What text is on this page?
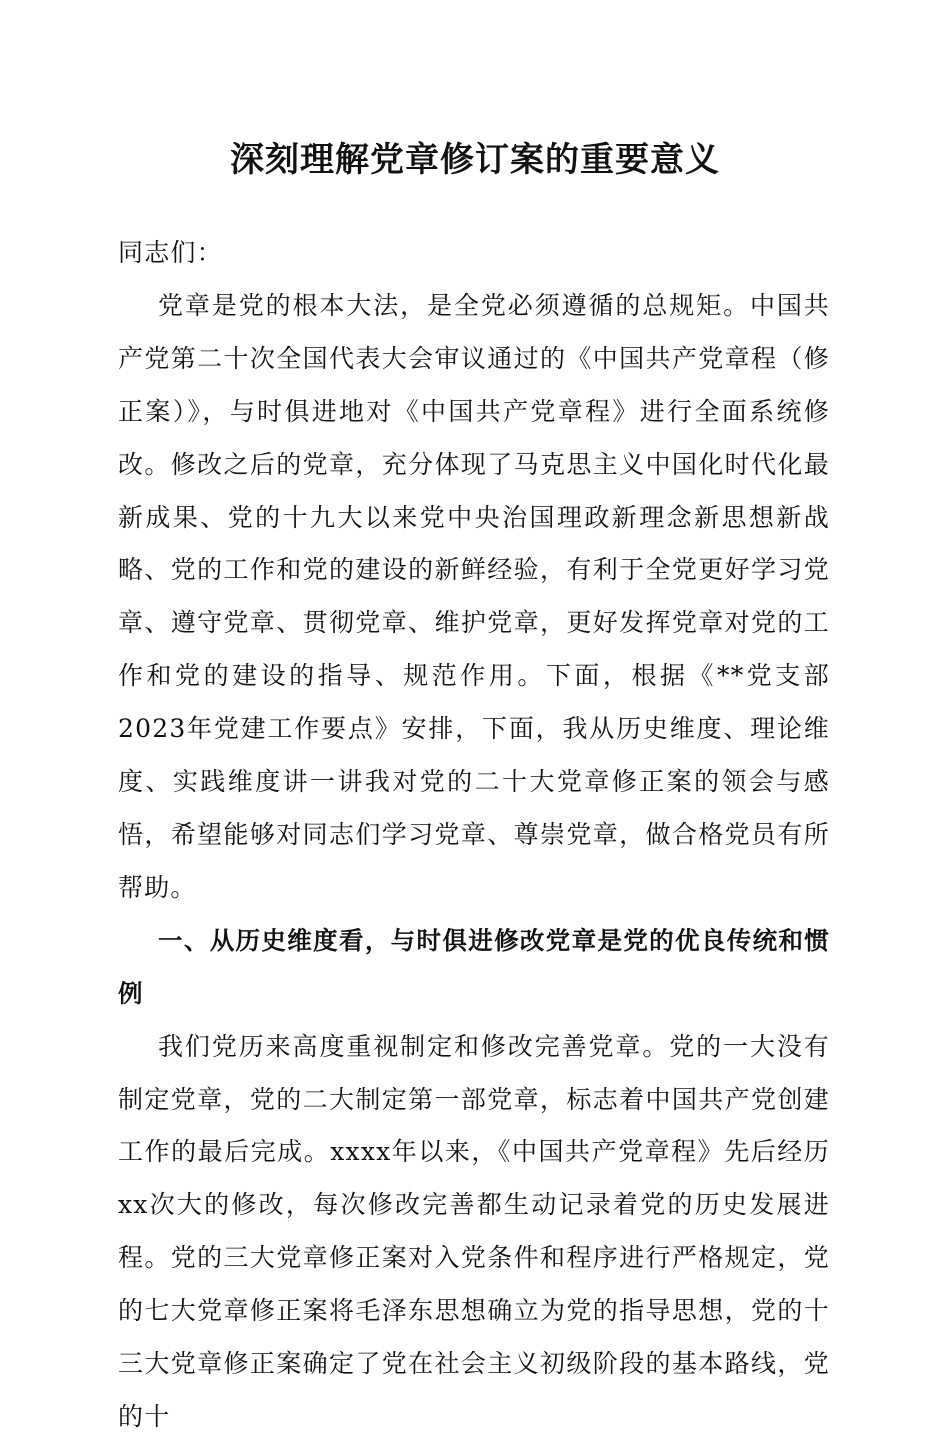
深刻理解党章修订案的重要意义

同志们：

党章是党的根本大法，是全党必须遵循的总规矩。中国共产党第二十次全国代表大会审议通过的《中国共产党章程（修正案）》，与时俱进地对《中国共产党章程》进行全面系统修改。修改之后的党章，充分体现了马克思主义中国化时代化最新成果、党的十九大以来党中央治国理政新理念新思想新战略、党的工作和党的建设的新鲜经验，有利于全党更好学习党章、遵守党章、贯彻党章、维护党章，更好发挥党章对党的工作和党的建设的指导、规范作用。下面，根据《**党支部2023年党建工作要点》安排，下面，我从历史维度、理论维度、实践维度讲一讲我对党的二十大党章修正案的领会与感悟，希望能够对同志们学习党章、尊崇党章，做合格党员有所帮助。

一、从历史维度看，与时俱进修改党章是党的优良传统和惯例

我们党历来高度重视制定和修改完善党章。党的一大没有制定党章，党的二大制定第一部党章，标志着中国共产党创建工作的最后完成。xxxx年以来，《中国共产党章程》先后经历xx次大的修改，每次修改完善都生动记录着党的历史发展进程。党的三大党章修正案对入党条件和程序进行严格规定，党的七大党章修正案将毛泽东思想确立为党的指导思想，党的十三大党章修正案确定了党在社会主义初级阶段的基本路线，党的十
